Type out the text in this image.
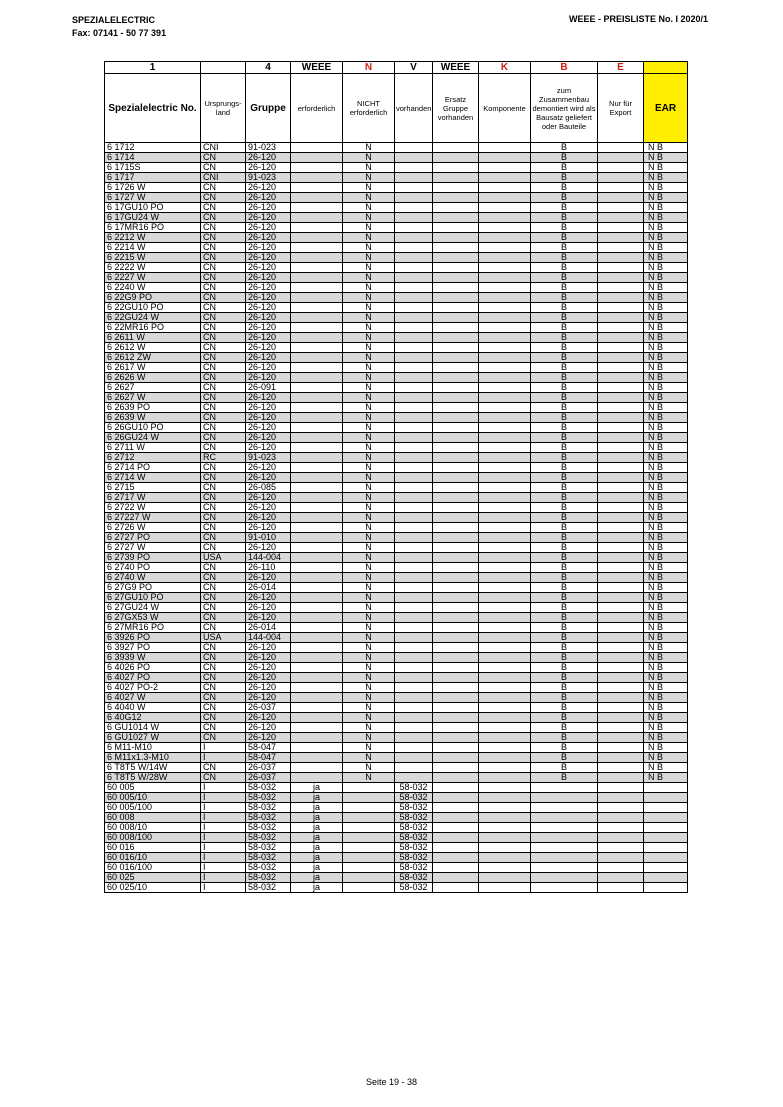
SPEZIALELECTRIC
Fax: 07141 - 50 77 391
WEEE - PREISLISTE No. I 2020/1
1		4	WEEE	N	V	WEEE	K	B	E	
Spezialelectric No.	Ursprungs-land	Gruppe	erforderlich	NICHT erforderlich	vorhanden	Ersatz Gruppe vorhanden	Komponente	zum Zusammenbau demontiert wird als Bausatz geliefert oder Bauteile	Nur für Export	EAR
6 1712	CNI	91-023		N				B		N B
6 1714	CN	26-120		N				B		N B
6 1715S	CN	26-120		N				B		N B
6 1717	CNI	91-023		N				B		N B
6 1726 W	CN	26-120		N				B		N B
6 1727 W	CN	26-120		N				B		N B
6 17GU10 PO	CN	26-120		N				B		N B
6 17GU24 W	CN	26-120		N				B		N B
6 17MR16 PO	CN	26-120		N				B		N B
6 2212 W	CN	26-120		N				B		N B
6 2214 W	CN	26-120		N				B		N B
6 2215 W	CN	26-120		N				B		N B
6 2222 W	CN	26-120		N				B		N B
6 2227 W	CN	26-120		N				B		N B
6 2240 W	CN	26-120		N				B		N B
6 22G9 PO	CN	26-120		N				B		N B
6 22GU10 PO	CN	26-120		N				B		N B
6 22GU24 W	CN	26-120		N				B		N B
6 22MR16 PO	CN	26-120		N				B		N B
6 2611 W	CN	26-120		N				B		N B
6 2612 W	CN	26-120		N				B		N B
6 2612 ZW	CN	26-120		N				B		N B
6 2617 W	CN	26-120		N				B		N B
6 2626 W	CN	26-120		N				B		N B
6 2627	CN	26-091		N				B		N B
6 2627 W	CN	26-120		N				B		N B
6 2639 PO	CN	26-120		N				B		N B
6 2639 W	CN	26-120		N				B		N B
6 26GU10 PO	CN	26-120		N				B		N B
6 26GU24 W	CN	26-120		N				B		N B
6 2711 W	CN	26-120		N				B		N B
6 2712	RC	91-023		N				B		N B
6 2714 PO	CN	26-120		N				B		N B
6 2714 W	CN	26-120		N				B		N B
6 2715	CN	26-085		N				B		N B
6 2717 W	CN	26-120		N				B		N B
6 2722 W	CN	26-120		N				B		N B
6 27227 W	CN	26-120		N				B		N B
6 2726 W	CN	26-120		N				B		N B
6 2727 PO	CN	91-010		N				B		N B
6 2727 W	CN	26-120		N				B		N B
6 2739 PO	USA	144-004		N				B		N B
6 2740 PO	CN	26-110		N				B		N B
6 2740 W	CN	26-120		N				B		N B
6 27G9 PO	CN	26-014		N				B		N B
6 27GU10 PO	CN	26-120		N				B		N B
6 27GU24 W	CN	26-120		N				B		N B
6 27GX53 W	CN	26-120		N				B		N B
6 27MR16 PO	CN	26-014		N				B		N B
6 3926 PO	USA	144-004		N				B		N B
6 3927 PO	CN	26-120		N				B		N B
6 3939 W	CN	26-120		N				B		N B
6 4026 PO	CN	26-120		N				B		N B
6 4027 PO	CN	26-120		N				B		N B
6 4027 PO-2	CN	26-120		N				B		N B
6 4027 W	CN	26-120		N				B		N B
6 4040 W	CN	26-037		N				B		N B
6 40G12	CN	26-120		N				B		N B
6 GU1014 W	CN	26-120		N				B		N B
6 GU1027 W	CN	26-120		N				B		N B
6 M11-M10	I	58-047		N				B		N B
6 M11x1.3-M10	I	58-047		N				B		N B
6 T8T5 W/14W	CN	26-037		N				B		N B
6 T8T5 W/28W	CN	26-037		N				B		N B
60 005	I	58-032	ja		58-032					
60 005/10	I	58-032	ja		58-032					
60 005/100	I	58-032	ja		58-032					
60 008	I	58-032	ja		58-032					
60 008/10	I	58-032	ja		58-032					
60 008/100	I	58-032	ja		58-032					
60 016	I	58-032	ja		58-032					
60 016/10	I	58-032	ja		58-032					
60 016/100	I	58-032	ja		58-032					
60 025	I	58-032	ja		58-032					
60 025/10	I	58-032	ja		58-032					
Seite 19 - 38
